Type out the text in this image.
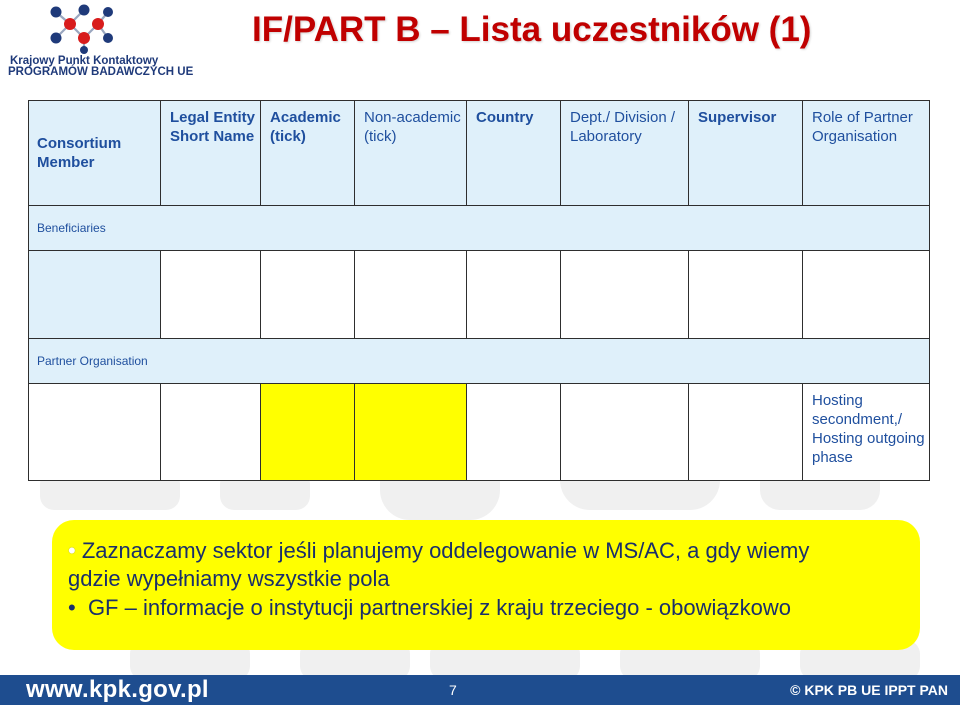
Krajowy Punkt Kontaktowy
PROGRAMÓW BADAWCZYCH UE
IF/PART B – Lista uczestników (1)
Consortium Member	Legal Entity Short Name	Academic (tick)	Non-academic (tick)	Country	Dept./ Division / Laboratory	Supervisor	Role of Partner Organisation

Beneficiaries							

Partner Organisation							

							Hosting secondment,/ Hosting outgoing phase

• Zaznaczamy sektor jeśli planujemy oddelegowanie w MS/AC, a gdy wiemy

gdzie wypełniamy wszystkie pola

• GF – informacje o instytucji partnerskiej z kraju trzeciego - obowiązkowo

www.kpk.gov.pl	7	© KPK PB UE IPPT PAN
